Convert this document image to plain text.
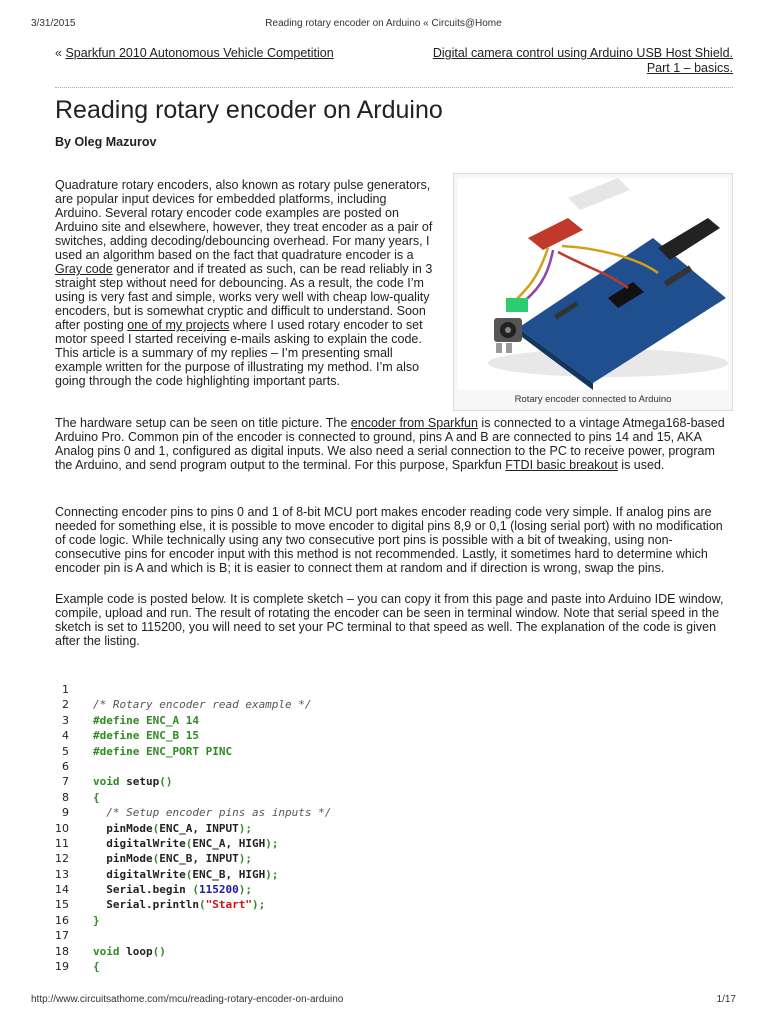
3/31/2015	Reading rotary encoder on Arduino « Circuits@Home
« Sparkfun 2010 Autonomous Vehicle Competition	Digital camera control using Arduino USB Host Shield.
Part 1 – basics.
Reading rotary encoder on Arduino
By Oleg Mazurov
Rotary encoder connected to Arduino

Quadrature rotary encoders, also known as rotary pulse generators, are popular input devices for embedded platforms, including Arduino. Several rotary encoder code examples are posted on Arduino site and elsewhere, however, they treat encoder as a pair of switches, adding decoding/debouncing overhead. For many years, I used an algorithm based on the fact that quadrature encoder is a Gray code generator and if treated as such, can be read reliably in 3 straight step without need for debouncing. As a result, the code I’m using is very fast and simple, works very well with cheap low-quality encoders, but is somewhat cryptic and difficult to understand. Soon after posting one of my projects where I used rotary encoder to set motor speed I started receiving e-mails asking to explain the code. This article is a summary of my replies – I’m presenting small example written for the purpose of illustrating my method. I’m also going through the code highlighting important parts.

The hardware setup can be seen on title picture. The encoder from Sparkfun is connected to a vintage Atmega168-based Arduino Pro. Common pin of the encoder is connected to ground, pins A and B are connected to pins 14 and 15, AKA Analog pins 0 and 1, configured as digital inputs. We also need a serial connection to the PC to receive power, program the Arduino, and send program output to the terminal. For this purpose, Sparkfun FTDI basic breakout is used.

Connecting encoder pins to pins 0 and 1 of 8-bit MCU port makes encoder reading code very simple. If analog pins are needed for something else, it is possible to move encoder to digital pins 8,9 or 0,1 (losing serial port) with no modification of code logic. While technically using any two consecutive port pins is possible with a bit of tweaking, using non-consecutive pins for encoder input with this method is not recommended. Lastly, it sometimes hard to determine which encoder pin is A and which is B; it is easier to connect them at random and if direction is wrong, swap the pins.

Example code is posted below. It is complete sketch – you can copy it from this page and paste into Arduino IDE window, compile, upload and run. The result of rotating the encoder can be seen in terminal window. Note that serial speed in the sketch is set to 115200, you will need to set your PC terminal to that speed as well. The explanation of the code is given after the listing.

1
2 /* Rotary encoder read example */
3 #define ENC_A 14
4 #define ENC_B 15
5 #define ENC_PORT PINC
6
7 void setup()
8 {
9	/* Setup encoder pins as inputs */
10	pinMode(ENC_A, INPUT);
11	digitalWrite(ENC_A, HIGH);
12	pinMode(ENC_B, INPUT);
13	digitalWrite(ENC_B, HIGH);
14	Serial.begin (115200);
15	Serial.println("Start");
16 }
17
18 void loop()
19 {
http://www.circuitsathome.com/mcu/reading-rotary-encoder-on-arduino	1/17
